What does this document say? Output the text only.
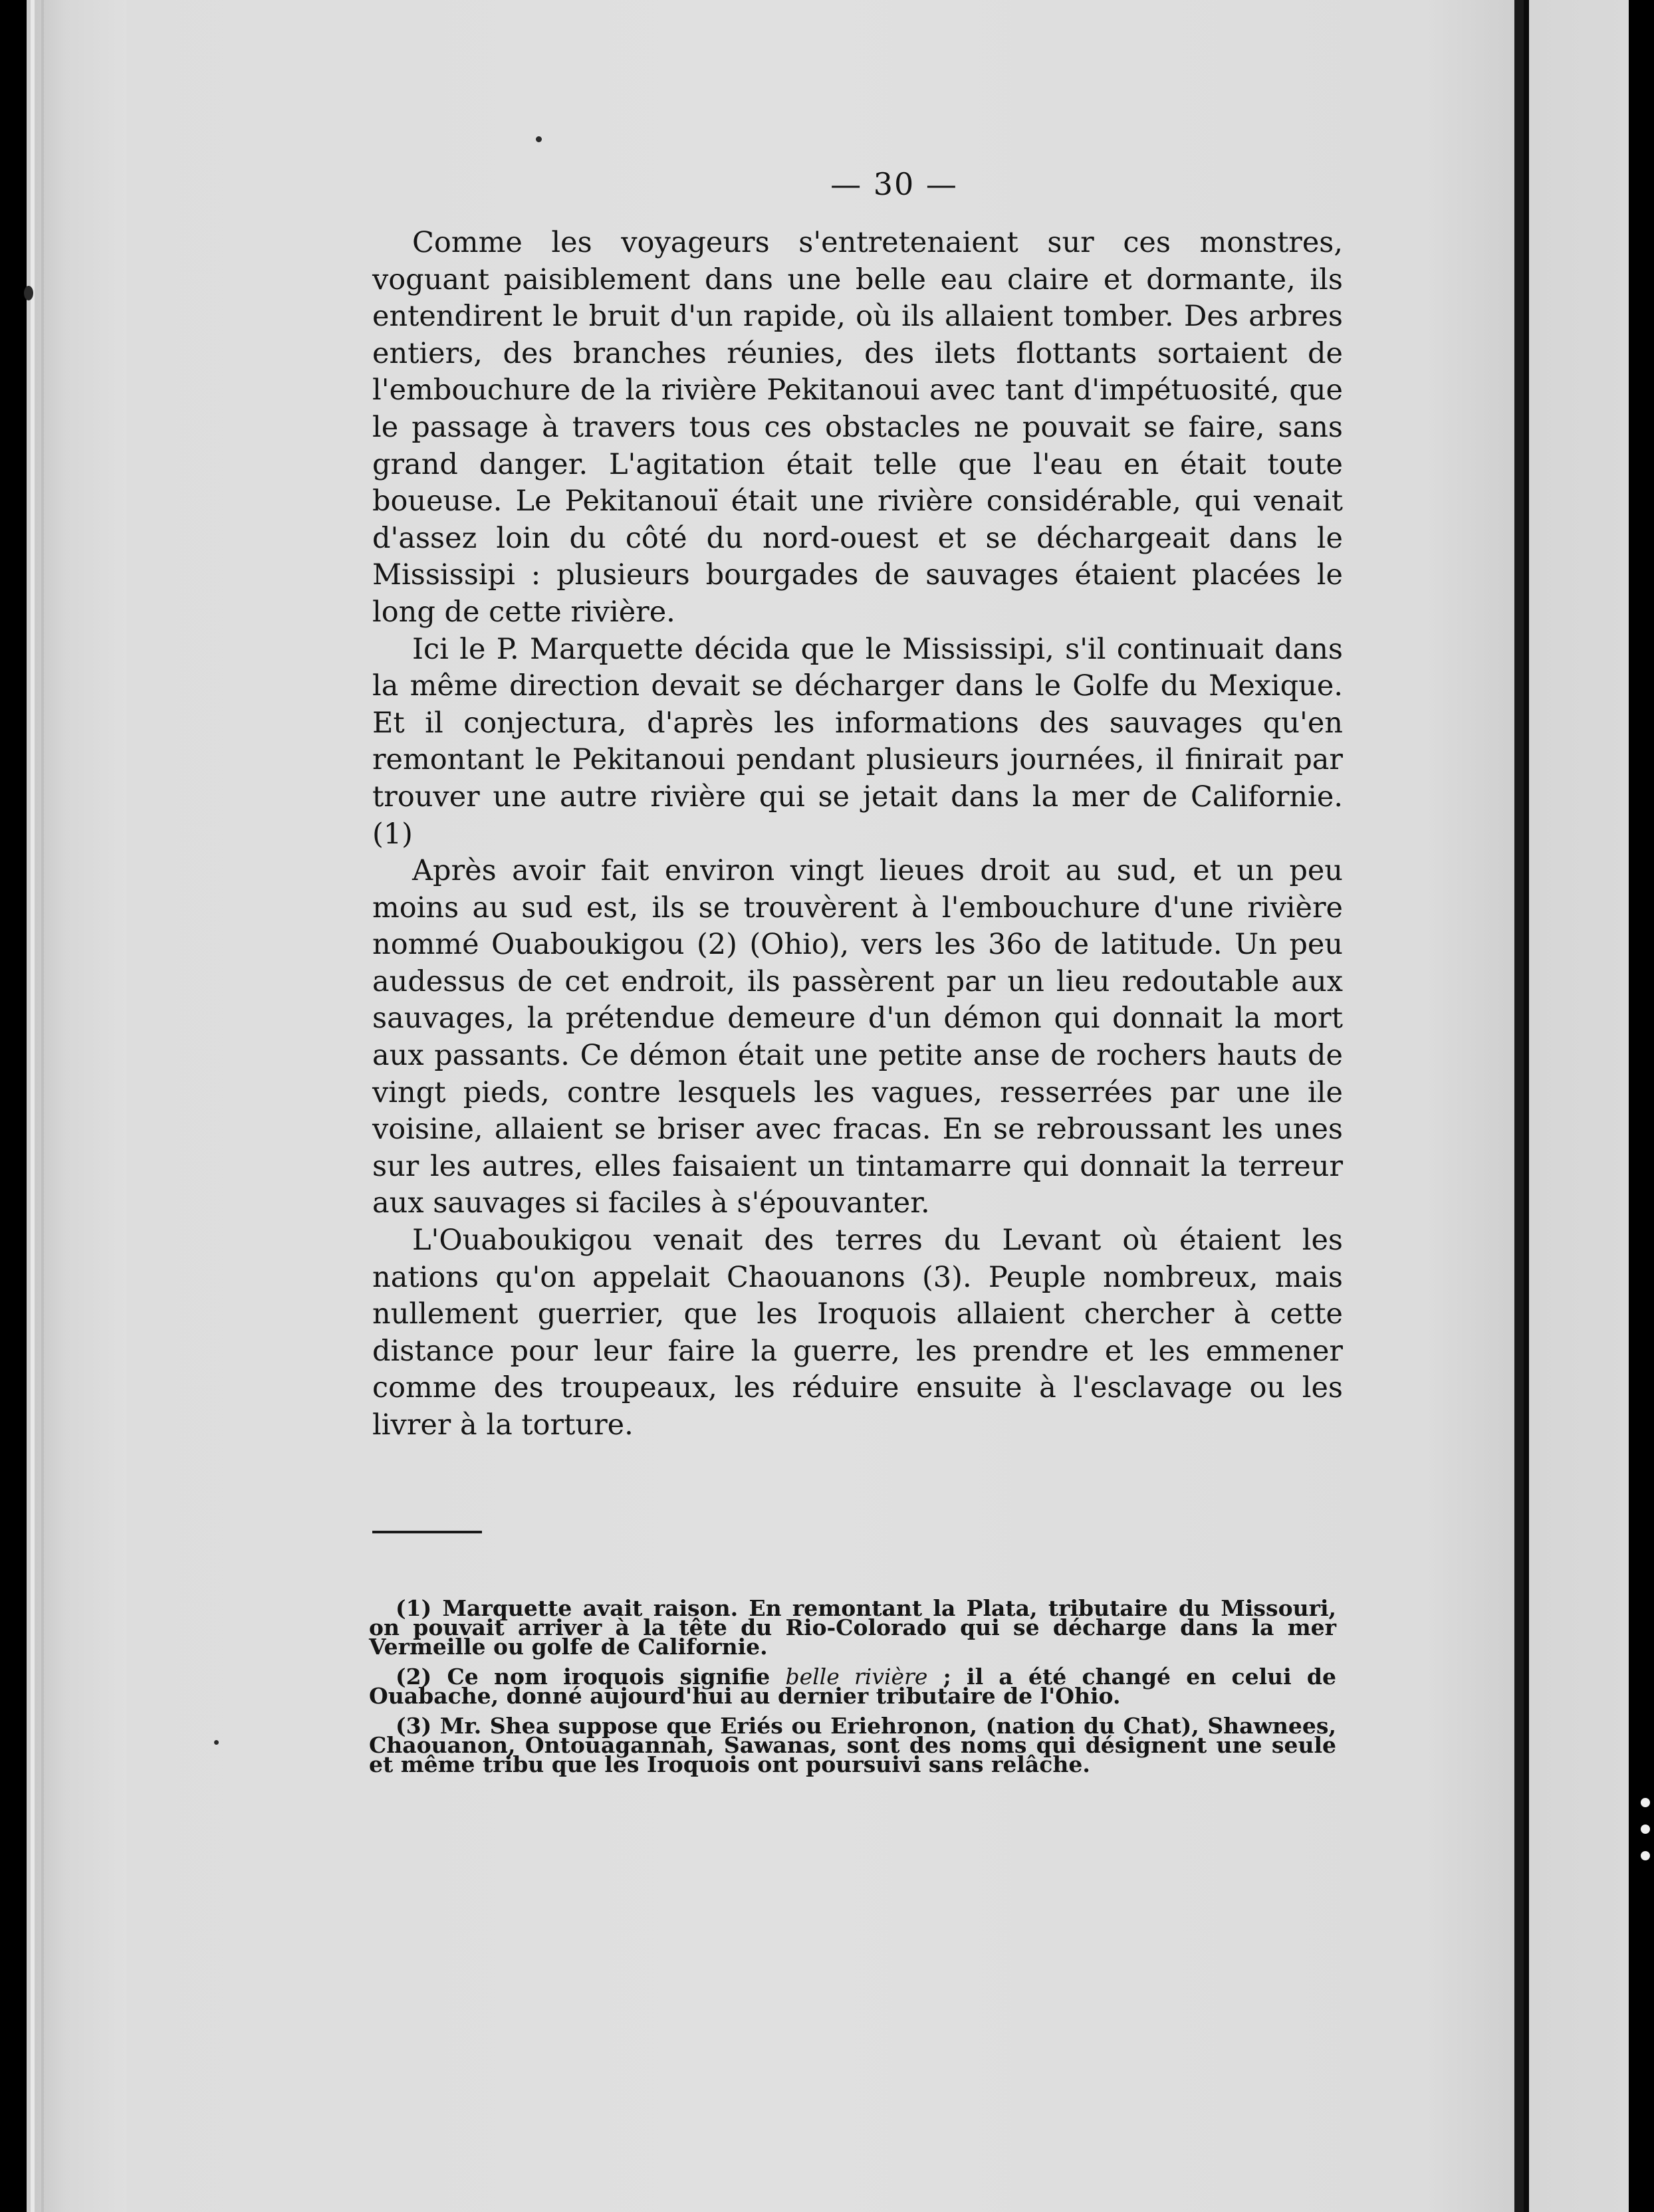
— 30 —

Comme les voyageurs s'entretenaient sur ces monstres, voguant paisiblement dans une belle eau claire et dormante, ils entendirent le bruit d'un rapide, où ils allaient tomber. Des arbres entiers, des branches réunies, des ilets flottants sortaient de l'embouchure de la rivière Pekitanoui avec tant d'impétuosité, que le passage à travers tous ces obstacles ne pouvait se faire, sans grand danger. L'agitation était telle que l'eau en était toute boueuse. Le Pekitanouï était une rivière considérable, qui venait d'assez loin du côté du nord-ouest et se déchargeait dans le Mississipi : plusieurs bourgades de sauvages étaient placées le long de cette rivière.

Ici le P. Marquette décida que le Mississipi, s'il continuait dans la même direction devait se décharger dans le Golfe du Mexique. Et il conjectura, d'après les informations des sauvages qu'en remontant le Pekitanoui pendant plusieurs journées, il finirait par trouver une autre rivière qui se jetait dans la mer de Californie. (1)

Après avoir fait environ vingt lieues droit au sud, et un peu moins au sud est, ils se trouvèrent à l'embouchure d'une rivière nommé Ouaboukigou (2) (Ohio), vers les 36o de latitude. Un peu audessus de cet endroit, ils passèrent par un lieu redoutable aux sauvages, la prétendue demeure d'un démon qui donnait la mort aux passants. Ce démon était une petite anse de rochers hauts de vingt pieds, contre lesquels les vagues, resserrées par une ile voisine, allaient se briser avec fracas. En se rebroussant les unes sur les autres, elles faisaient un tintamarre qui donnait la terreur aux sauvages si faciles à s'épouvanter.

L'Ouaboukigou venait des terres du Levant où étaient les nations qu'on appelait Chaouanons (3). Peuple nombreux, mais nullement guerrier, que les Iroquois allaient chercher à cette distance pour leur faire la guerre, les prendre et les emmener comme des troupeaux, les réduire ensuite à l'esclavage ou les livrer à la torture.

(1) Marquette avait raison. En remontant la Plata, tributaire du Missouri, on pouvait arriver à la tête du Rio-Colorado qui se décharge dans la mer Vermeille ou golfe de Californie.

(2) Ce nom iroquois signifie belle rivière ; il a été changé en celui de Ouabache, donné aujourd'hui au dernier tributaire de l'Ohio.

(3) Mr. Shea suppose que Eriés ou Eriehronon, (nation du Chat), Shawnees, Chaouanon, Ontouagannah, Sawanas, sont des noms qui désignent une seule et même tribu que les Iroquois ont poursuivi sans relâche.
